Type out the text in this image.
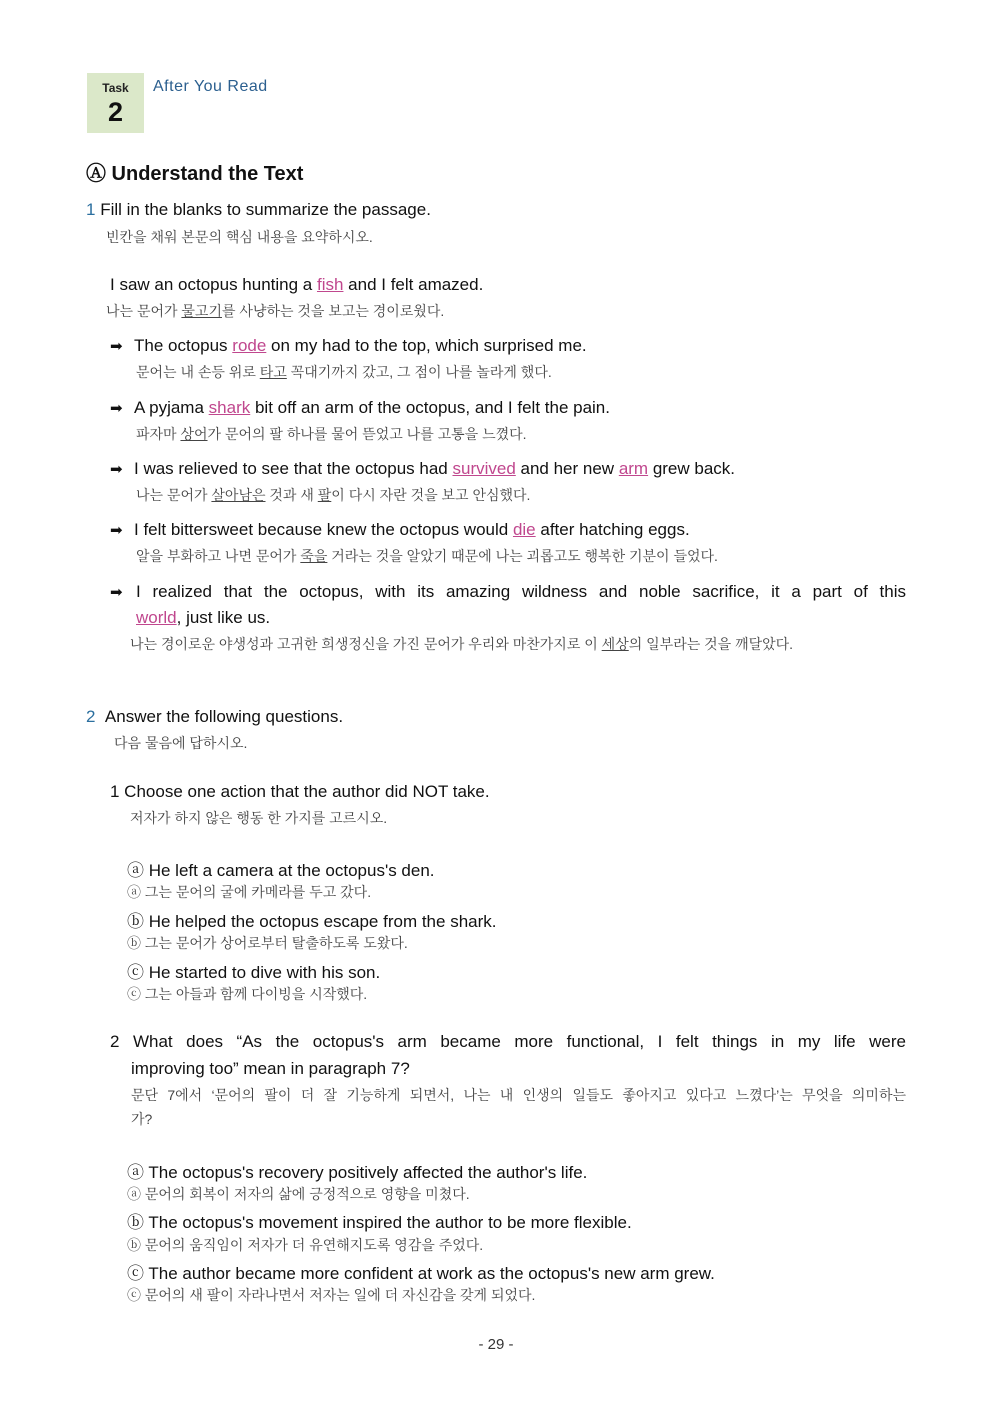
Task
2
After You Read
Ⓐ Understand the Text
1 Fill in the blanks to summarize the passage.
빈칸을 채워 본문의 핵심 내용을 요약하시오.
I saw an octopus hunting a fish and I felt amazed.
나는 문어가 물고기를 사냥하는 것을 보고는 경이로웠다.
➡ The octopus rode on my had to the top, which surprised me.
문어는 내 손등 위로 타고 꼭대기까지 갔고, 그 점이 나를 놀라게 했다.
➡ A pyjama shark bit off an arm of the octopus, and I felt the pain.
파자마 상어가 문어의 팔 하나를 물어 뜯었고 나를 고통을 느꼈다.
➡ I was relieved to see that the octopus had survived and her new arm grew back.
나는 문어가 살아남은 것과 새 팔이 다시 자란 것을 보고 안심했다.
➡ I felt bittersweet because knew the octopus would die after hatching eggs.
알을 부화하고 나면 문어가 죽을 거라는 것을 알았기 때문에 나는 괴롭고도 행복한 기분이 들었다.
➡ I realized that the octopus, with its amazing wildness and noble sacrifice, it a part of this
world, just like us.
나는 경이로운 야생성과 고귀한 희생정신을 가진 문어가 우리와 마찬가지로 이 세상의 일부라는 것을 깨달았다.
2 Answer the following questions.
다음 물음에 답하시오.
1 Choose one action that the author did NOT take.
저자가 하지 않은 행동 한 가지를 고르시오.
ⓐ He left a camera at the octopus's den.
ⓐ 그는 문어의 굴에 카메라를 두고 갔다.
ⓑ He helped the octopus escape from the shark.
ⓑ 그는 문어가 상어로부터 탈출하도록 도왔다.
ⓒ He started to dive with his son.
ⓒ 그는 아들과 함께 다이빙을 시작했다.
2 What does “As the octopus's arm became more functional, I felt things in my life were
improving too” mean in paragraph 7?
문단 7에서 ‘문어의 팔이 더 잘 기능하게 되면서, 나는 내 인생의 일들도 좋아지고 있다고 느꼈다’는 무엇을 의미하는
가?
ⓐ The octopus's recovery positively affected the author's life.
ⓐ 문어의 회복이 저자의 삶에 긍정적으로 영향을 미쳤다.
ⓑ The octopus's movement inspired the author to be more flexible.
ⓑ 문어의 움직임이 저자가 더 유연해지도록 영감을 주었다.
ⓒ The author became more confident at work as the octopus's new arm grew.
ⓒ 문어의 새 팔이 자라나면서 저자는 일에 더 자신감을 갖게 되었다.
- 29 -
